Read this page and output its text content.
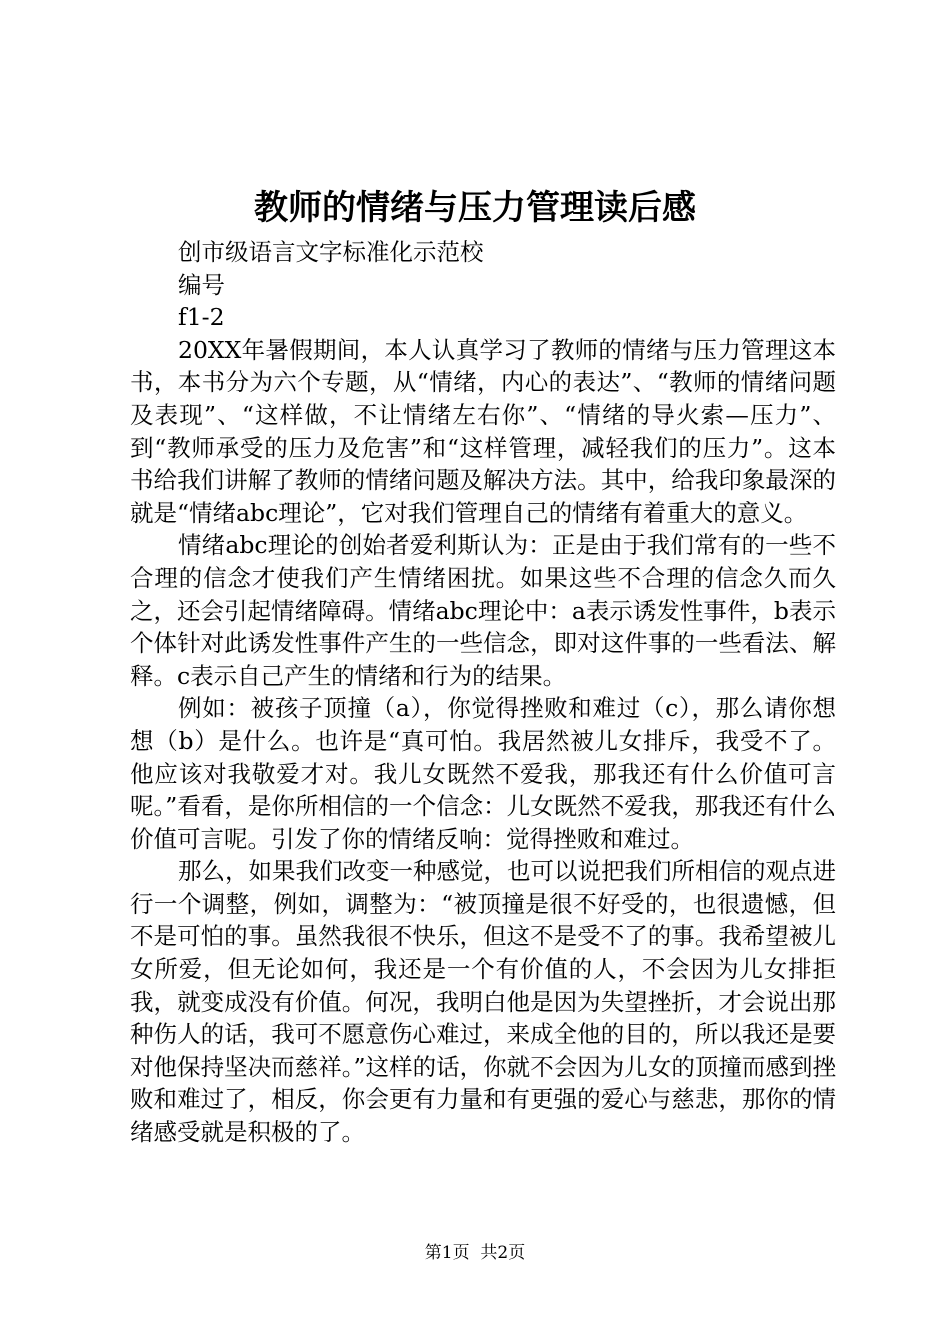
教师的情绪与压力管理读后感

创市级语言文字标准化示范校

编号

f1-2

20XX年暑假期间，本人认真学习了教师的情绪与压力管理这本书，本书分为六个专题，从“情绪，内心的表达”、“教师的情绪问题及表现”、“这样做，不让情绪左右你”、“情绪的导火索—压力”、到“教师承受的压力及危害”和“这样管理，减轻我们的压力”。这本书给我们讲解了教师的情绪问题及解决方法。其中，给我印象最深的就是“情绪abc理论”，它对我们管理自己的情绪有着重大的意义。

情绪abc理论的创始者爱利斯认为：正是由于我们常有的一些不合理的信念才使我们产生情绪困扰。如果这些不合理的信念久而久之，还会引起情绪障碍。情绪abc理论中：a表示诱发性事件，b表示个体针对此诱发性事件产生的一些信念，即对这件事的一些看法、解释。c表示自己产生的情绪和行为的结果。

例如：被孩子顶撞（a），你觉得挫败和难过（c），那么请你想想（b）是什么。也许是“真可怕。我居然被儿女排斥，我受不了。他应该对我敬爱才对。我儿女既然不爱我，那我还有什么价值可言呢。”看看，是你所相信的一个信念：儿女既然不爱我，那我还有什么价值可言呢。引发了你的情绪反响：觉得挫败和难过。

那么，如果我们改变一种感觉，也可以说把我们所相信的观点进行一个调整，例如，调整为：“被顶撞是很不好受的，也很遗憾，但不是可怕的事。虽然我很不快乐，但这不是受不了的事。我希望被儿女所爱，但无论如何，我还是一个有价值的人，不会因为儿女排拒我，就变成没有价值。何况，我明白他是因为失望挫折，才会说出那种伤人的话，我可不愿意伤心难过，来成全他的目的，所以我还是要对他保持坚决而慈祥。”这样的话，你就不会因为儿女的顶撞而感到挫败和难过了，相反，你会更有力量和有更强的爱心与慈悲，那你的情绪感受就是积极的了。

第1页  共2页
